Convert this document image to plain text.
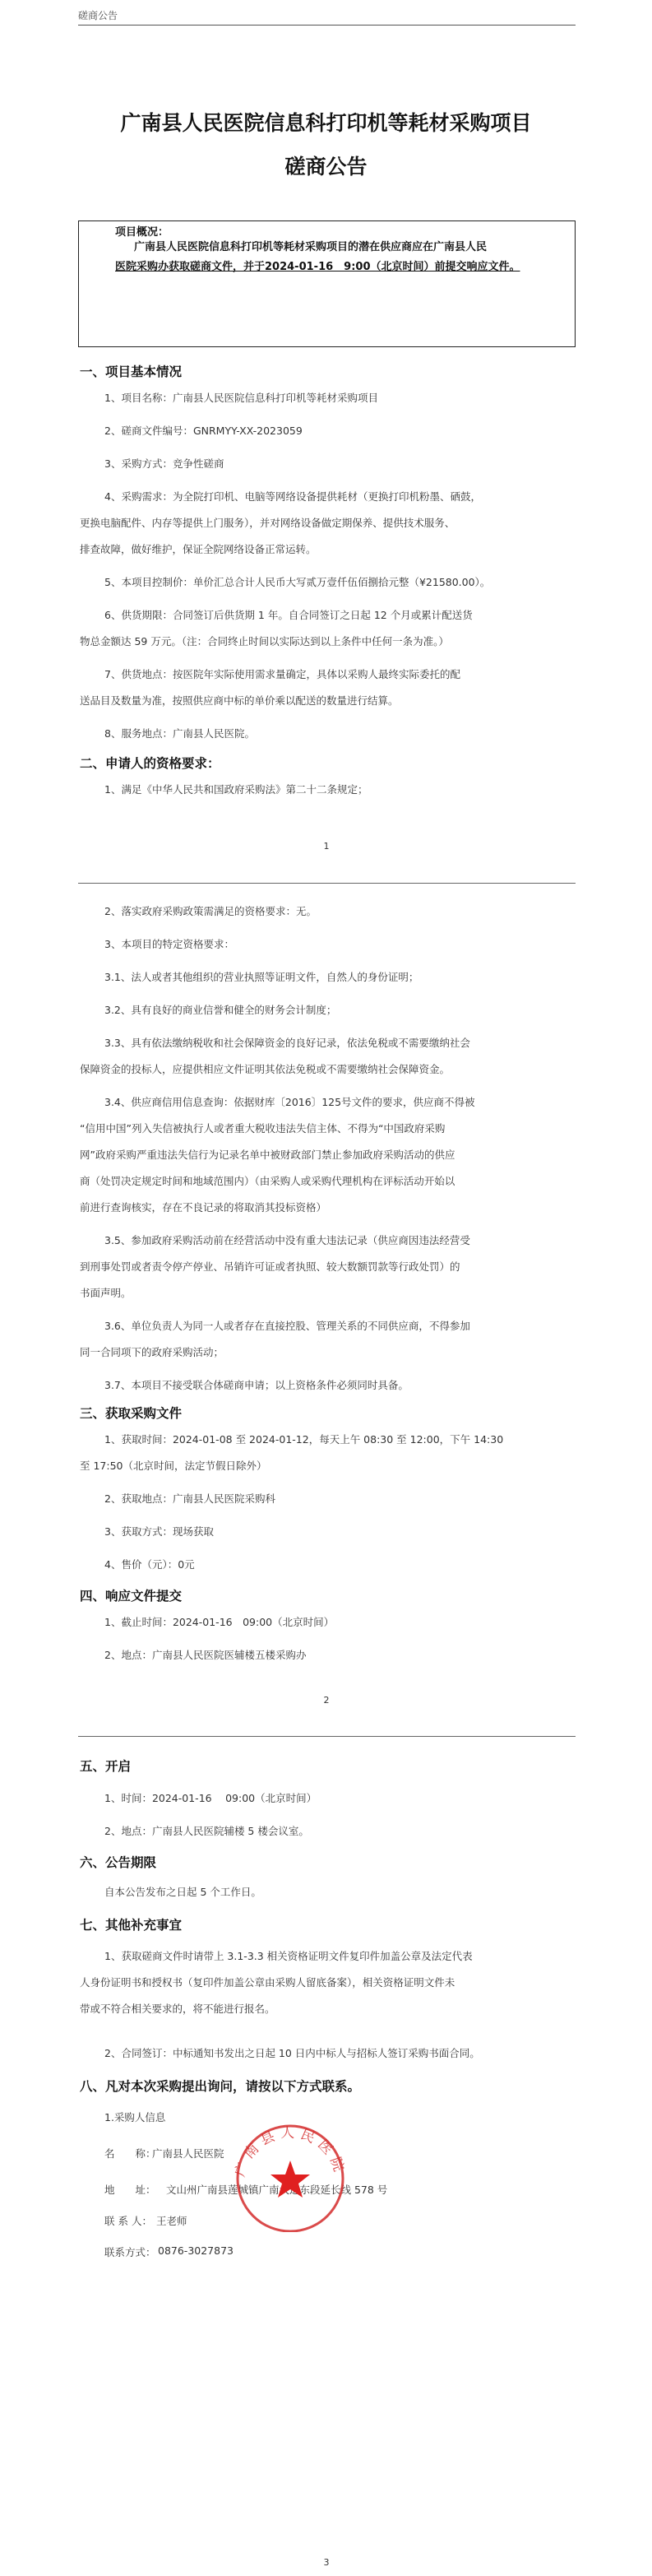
磋商公告
广南县人民医院信息科打印机等耗材采购项目
磋商公告
项目概况：
广南县人民医院信息科打印机等耗材采购项目的潜在供应商应在广南县人民
医院采购办获取磋商文件，并于2024-01-16　9:00（北京时间）前提交响应文件。
一、项目基本情况
1、项目名称：广南县人民医院信息科打印机等耗材采购项目
2、磋商文件编号：GNRMYY-XX-2023059
3、采购方式：竞争性磋商
4、采购需求：为全院打印机、电脑等网络设备提供耗材（更换打印机粉墨、硒鼓，
更换电脑配件、内存等提供上门服务），并对网络设备做定期保养、提供技术服务、
排查故障，做好维护，保证全院网络设备正常运转。
5、本项目控制价：单价汇总合计人民币大写贰万壹仟伍佰捌拾元整（¥21580.00）。
6、供货期限：合同签订后供货期 1 年。自合同签订之日起 12 个月或累计配送货
物总金额达 59 万元。（注：合同终止时间以实际达到以上条件中任何一条为准。）
7、供货地点：按医院年实际使用需求量确定，具体以采购人最终实际委托的配
送品目及数量为准，按照供应商中标的单价乘以配送的数量进行结算。
8、服务地点：广南县人民医院。
二、申请人的资格要求：
1、满足《中华人民共和国政府采购法》第二十二条规定；
1
2、落实政府采购政策需满足的资格要求：无。
3、本项目的特定资格要求：
3.1、法人或者其他组织的营业执照等证明文件，自然人的身份证明；
3.2、具有良好的商业信誉和健全的财务会计制度；
3.3、具有依法缴纳税收和社会保障资金的良好记录，依法免税或不需要缴纳社会
保障资金的投标人，应提供相应文件证明其依法免税或不需要缴纳社会保障资金。
3.4、供应商信用信息查询：依据财库〔2016〕125号文件的要求，供应商不得被
“信用中国”列入失信被执行人或者重大税收违法失信主体、不得为“中国政府采购
网”政府采购严重违法失信行为记录名单中被财政部门禁止参加政府采购活动的供应
商（处罚决定规定时间和地域范围内）（由采购人或采购代理机构在评标活动开始以
前进行查询核实，存在不良记录的将取消其投标资格）
3.5、参加政府采购活动前在经营活动中没有重大违法记录（供应商因违法经营受
到刑事处罚或者责令停产停业、吊销许可证或者执照、较大数额罚款等行政处罚）的
书面声明。
3.6、单位负责人为同一人或者存在直接控股、管理关系的不同供应商，不得参加
同一合同项下的政府采购活动；
3.7、本项目不接受联合体磋商申请；以上资格条件必须同时具备。
三、获取采购文件
1、获取时间：2024-01-08 至 2024-01-12，每天上午 08:30 至 12:00，下午 14:30
至 17:50（北京时间，法定节假日除外）
2、获取地点：广南县人民医院采购科
3、获取方式：现场获取
4、售价（元）：0元
四、响应文件提交
1、截止时间：2024-01-16　09:00（北京时间）
2、地点：广南县人民医院医辅楼五楼采购办
2
五、开启
1、时间：2024-01-16　 09:00（北京时间）
2、地点：广南县人民医院辅楼 5 楼会议室。
六、公告期限
自本公告发布之日起 5 个工作日。
七、其他补充事宜
1、获取磋商文件时请带上 3.1-3.3 相关资格证明文件复印件加盖公章及法定代表
人身份证明书和授权书（复印件加盖公章由采购人留底备案），相关资格证明文件未
带或不符合相关要求的，将不能进行报名。
2、合同签订：中标通知书发出之日起 10 日内中标人与招标人签订采购书面合同。
八、凡对本次采购提出询问，请按以下方式联系。
1.采购人信息
名　　称：
广南县人民医院
地　　址： 文山州广南县莲城镇广南大道东段延长线 578 号
联 系 人： 王老师
联系方式： 0876-3027873
广南县人民医院
3
